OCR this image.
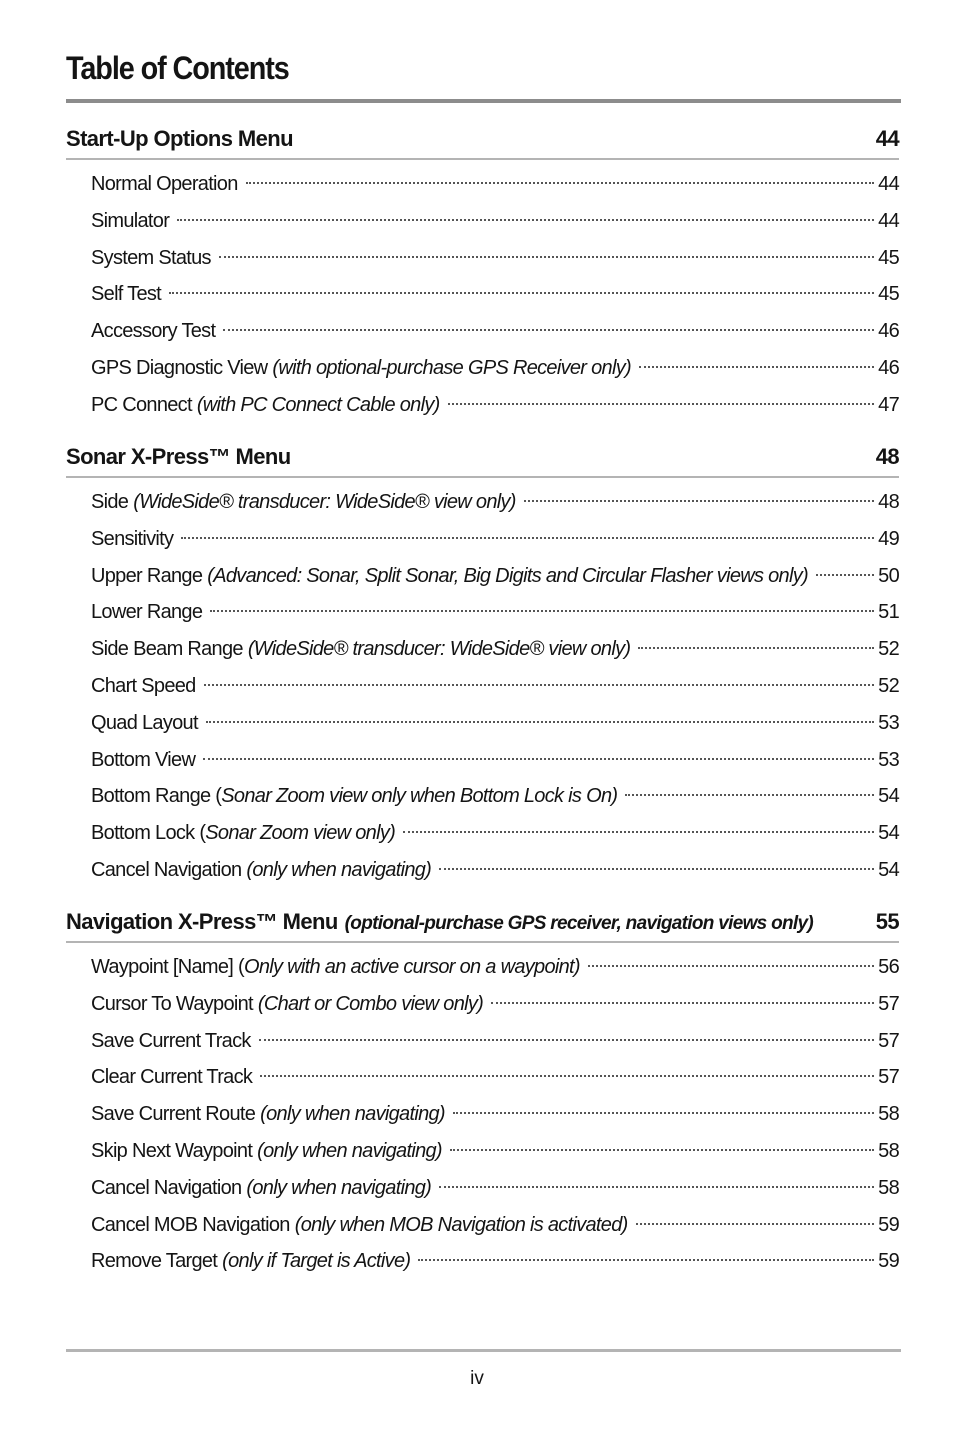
Table of Contents
Start-Up Options Menu	44
Normal Operation	44
Simulator	44
System Status	45
Self Test	45
Accessory Test	46
GPS Diagnostic View (with optional-purchase GPS Receiver only)	46
PC Connect (with PC Connect Cable only)	47
Sonar X-Press™ Menu	48
Side (WideSide® transducer: WideSide® view only)	48
Sensitivity	49
Upper Range (Advanced: Sonar, Split Sonar, Big Digits and Circular Flasher views only)	50
Lower Range	51
Side Beam Range (WideSide® transducer: WideSide® view only)	52
Chart Speed	52
Quad Layout	53
Bottom View	53
Bottom Range ( Sonar Zoom view only when Bottom Lock is On)	54
Bottom Lock ( Sonar Zoom view only)	54
Cancel Navigation (only when navigating)	54
Navigation X-Press™ Menu (optional-purchase GPS receiver, navigation views only)	55
Waypoint [Name] ( Only with an active cursor on a waypoint)	56
Cursor To Waypoint (Chart or Combo view only)	57
Save Current Track	57
Clear Current Track	57
Save Current Route (only when navigating)	58
Skip Next Waypoint (only when navigating)	58
Cancel Navigation (only when navigating)	58
Cancel MOB Navigation (only when MOB Navigation is activated)	59
Remove Target (only if Target is Active)	59
iv
